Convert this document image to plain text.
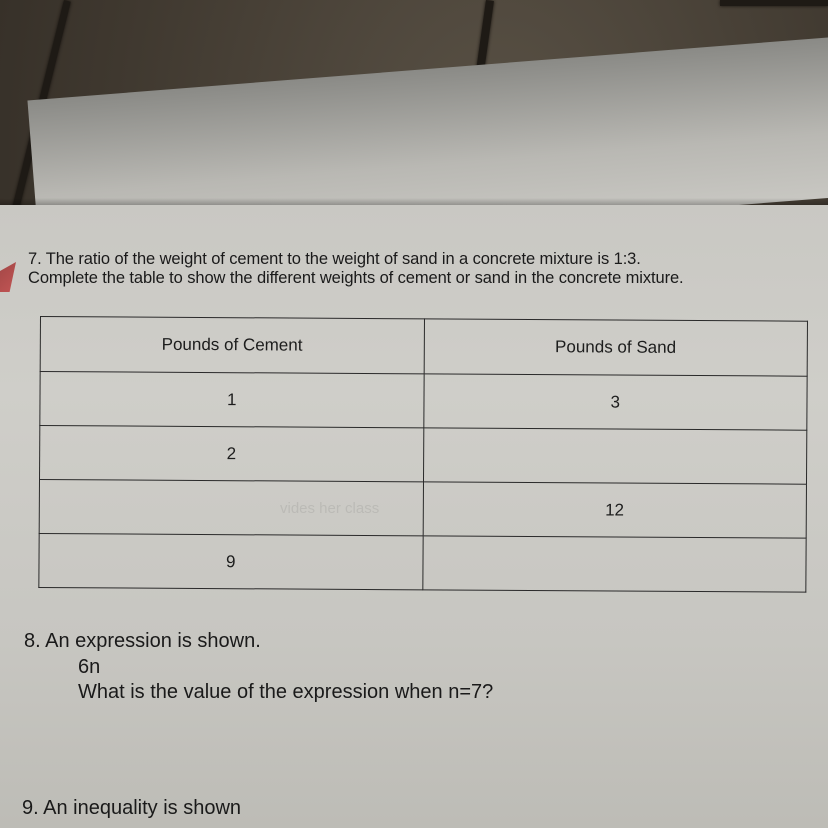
vides her class
7. The ratio of the weight of cement to the weight of sand in a concrete mixture is 1:3.
Complete the table to show the different weights of cement or sand in the concrete mixture.
Pounds of Cement	Pounds of Sand
1	3
2	
	12
9	
8. An expression is shown.
6n
What is the value of the expression when n=7?
9. An inequality is shown
